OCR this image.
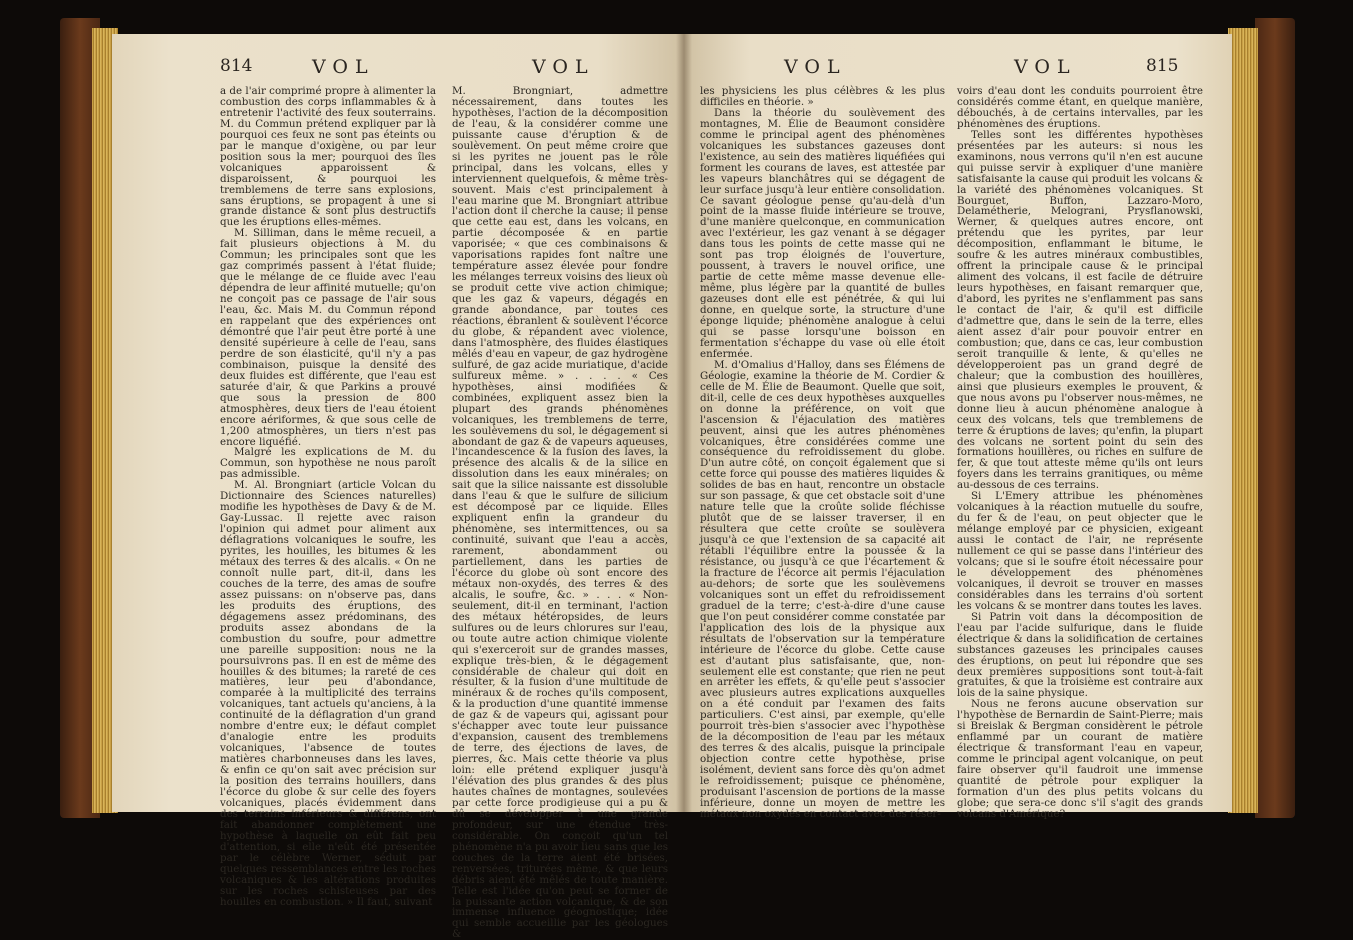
814	VOL	VOL

a de l'air comprimé propre à alimenter la combustion des corps inflammables & à entretenir l'activité des feux souterrains. M. du Commun prétend expliquer par là pourquoi ces feux ne sont pas éteints ou par le manque d'oxigène, ou par leur position sous la mer; pourquoi des îles volcaniques apparoissent & disparoissent, & pourquoi les tremblemens de terre sans explosions, sans éruptions, se propagent à une si grande distance & sont plus destructifs que les éruptions elles-mêmes.

M. Silliman, dans le même recueil, a fait plusieurs objections à M. du Commun; les principales sont que les gaz comprimés passent à l'état fluide; que le mélange de ce fluide avec l'eau dépendra de leur affinité mutuelle; qu'on ne conçoit pas ce passage de l'air sous l'eau, &c. Mais M. du Commun répond en rappelant que des expériences ont démontré que l'air peut être porté à une densité supérieure à celle de l'eau, sans perdre de son élasticité, qu'il n'y a pas combinaison, puisque la densité des deux fluides est différente, que l'eau est saturée d'air, & que Parkins a prouvé que sous la pression de 800 atmosphères, deux tiers de l'eau étoient encore aériformes, & que sous celle de 1,200 atmosphères, un tiers n'est pas encore liquéfié.

Malgré les explications de M. du Commun, son hypothèse ne nous paroît pas admissible.

M. Al. Brongniart (article Volcan du Dictionnaire des Sciences naturelles) modifie les hypothèses de Davy & de M. Gay-Lussac. Il rejette avec raison l'opinion qui admet pour aliment aux déflagrations volcaniques le soufre, les pyrites, les houilles, les bitumes & les métaux des terres & des alcalis. « On ne connoît nulle part, dit-il, dans les couches de la terre, des amas de soufre assez puissans: on n'observe pas, dans les produits des éruptions, des dégagemens assez prédominans, des produits assez abondans de la combustion du soufre, pour admettre une pareille supposition: nous ne la poursuivrons pas. Il en est de même des houilles & des bitumes; la rareté de ces matières, leur peu d'abondance, comparée à la multiplicité des terrains volcaniques, tant actuels qu'anciens, à la continuité de la déflagration d'un grand nombre d'entre eux; le défaut complet d'analogie entre les produits volcaniques, l'absence de toutes matières charbonneuses dans les laves, & enfin ce qu'on sait avec précision sur la position des terrains houillers, dans l'écorce du globe & sur celle des foyers volcaniques, placés évidemment dans des terrains inférieurs & différens, ont fait abandonner complètement une hypothèse à laquelle on eût fait peu d'attention, si elle n'eût été présentée par le célèbre Werner, séduit par quelques ressemblances entre les roches volcaniques & les altérations produites sur les roches schisteuses par des houilles en combustion. » Il faut, suivant

M. Brongniart, admettre nécessairement, dans toutes les hypothèses, l'action de la décomposition de l'eau, & la considérer comme une puissante cause d'éruption & de soulèvement. On peut même croire que si les pyrites ne jouent pas le rôle principal, dans les volcans, elles y interviennent quelquefois, & même très-souvent. Mais c'est principalement à l'eau marine que M. Brongniart attribue l'action dont il cherche la cause; il pense que cette eau est, dans les volcans, en partie décomposée & en partie vaporisée; « que ces combinaisons & vaporisations rapides font naître une température assez élevée pour fondre les mélanges terreux voisins des lieux où se produit cette vive action chimique; que les gaz & vapeurs, dégagés en grande abondance, par toutes ces réactions, ébranlent & soulèvent l'écorce du globe, & répandent avec violence, dans l'atmosphère, des fluides élastiques mêlés d'eau en vapeur, de gaz hydrogène sulfuré, de gaz acide muriatique, d'acide sulfureux même. » . . . . « Ces hypothèses, ainsi modifiées & combinées, expliquent assez bien la plupart des grands phénomènes volcaniques, les tremblemens de terre, les soulèvemens du sol, le dégagement si abondant de gaz & de vapeurs aqueuses, l'incandescence & la fusion des laves, la présence des alcalis & de la silice en dissolution dans les eaux minérales; on sait que la silice naissante est dissoluble dans l'eau & que le sulfure de silicium est décomposé par ce liquide. Elles expliquent enfin la grandeur du phénomène, ses intermittences, ou sa continuité, suivant que l'eau a accès, rarement, abondamment ou partiellement, dans les parties de l'écorce du globe où sont encore des métaux non-oxydés, des terres & des alcalis, le soufre, &c. » . . . « Non-seulement, dit-il en terminant, l'action des métaux hétéropsides, de leurs sulfures ou de leurs chlorures sur l'eau, ou toute autre action chimique violente qui s'exerceroit sur de grandes masses, explique très-bien, & le dégagement considérable de chaleur qui doit en résulter, & la fusion d'une multitude de minéraux & de roches qu'ils composent, & la production d'une quantité immense de gaz & de vapeurs qui, agissant pour s'échapper avec toute leur puissance d'expansion, causent des tremblemens de terre, des éjections de laves, de pierres, &c. Mais cette théorie va plus loin: elle prétend expliquer jusqu'à l'élévation des plus grandes & des plus hautes chaînes de montagnes, soulevées par cette force prodigieuse qui a pu & dû se développer à une grande profondeur, sur une étendue très-considérable. On conçoit qu'un tel phénomène n'a pu avoir lieu sans que les couches de la terre aient été brisées, renversées, triturées même, & que leurs débris aient été mêlés de toute manière. Telle est l'idée qu'on peut se former de la puissante action volcanique, & de son immense influence géognostique; idée qui semble accueillie par les géologues &

VOL	VOL	815

les physiciens les plus célèbres & les plus difficiles en théorie. »

Dans la théorie du soulèvement des montagnes, M. Élie de Beaumont considère comme le principal agent des phénomènes volcaniques les substances gazeuses dont l'existence, au sein des matières liquéfiées qui forment les courans de laves, est attestée par les vapeurs blanchâtres qui se dégagent de leur surface jusqu'à leur entière consolidation. Ce savant géologue pense qu'au-delà d'un point de la masse fluide intérieure se trouve, d'une manière quelconque, en communication avec l'extérieur, les gaz venant à se dégager dans tous les points de cette masse qui ne sont pas trop éloignés de l'ouverture, poussent, à travers le nouvel orifice, une partie de cette même masse devenue elle-même, plus légère par la quantité de bulles gazeuses dont elle est pénétrée, & qui lui donne, en quelque sorte, la structure d'une éponge liquide; phénomène analogue à celui qui se passe lorsqu'une boisson en fermentation s'échappe du vase où elle étoit enfermée.

M. d'Omalius d'Halloy, dans ses Élémens de Géologie, examine la théorie de M. Cordier & celle de M. Élie de Beaumont. Quelle que soit, dit-il, celle de ces deux hypothèses auxquelles on donne la préférence, on voit que l'ascension & l'éjaculation des matières peuvent, ainsi que les autres phénomènes volcaniques, être considérées comme une conséquence du refroidissement du globe. D'un autre côté, on conçoit également que si cette force qui pousse des matières liquides & solides de bas en haut, rencontre un obstacle sur son passage, & que cet obstacle soit d'une nature telle que la croûte solide fléchisse plutôt que de se laisser traverser, il en résultera que cette croûte se soulèvera jusqu'à ce que l'extension de sa capacité ait rétabli l'équilibre entre la poussée & la résistance, ou jusqu'à ce que l'écartement & la fracture de l'écorce ait permis l'éjaculation au-dehors; de sorte que les soulèvemens volcaniques sont un effet du refroidissement graduel de la terre; c'est-à-dire d'une cause que l'on peut considérer comme constatée par l'application des lois de la physique aux résultats de l'observation sur la température intérieure de l'écorce du globe. Cette cause est d'autant plus satisfaisante, que, non-seulement elle est constante; que rien ne peut en arrêter les effets, & qu'elle peut s'associer avec plusieurs autres explications auxquelles on a été conduit par l'examen des faits particuliers. C'est ainsi, par exemple, qu'elle pourroit très-bien s'associer avec l'hypothèse de la décomposition de l'eau par les métaux des terres & des alcalis, puisque la principale objection contre cette hypothèse, prise isolément, devient sans force dès qu'on admet le refroidissement; puisque ce phénomène, produisant l'ascension de portions de la masse inférieure, donne un moyen de mettre les métaux non oxydés en contact avec des réser-

voirs d'eau dont les conduits pourroient être considérés comme étant, en quelque manière, débouchés, à de certains intervalles, par les phénomènes des éruptions.

Telles sont les différentes hypothèses présentées par les auteurs: si nous les examinons, nous verrons qu'il n'en est aucune qui puisse servir à expliquer d'une manière satisfaisante la cause qui produit les volcans & la variété des phénomènes volcaniques. St Bourguet, Buffon, Lazzaro-Moro, Delamétherie, Melograni, Prysflanowski, Werner, & quelques autres encore, ont prétendu que les pyrites, par leur décomposition, enflammant le bitume, le soufre & les autres minéraux combustibles, offrent la principale cause & le principal aliment des volcans, il est facile de détruire leurs hypothèses, en faisant remarquer que, d'abord, les pyrites ne s'enflamment pas sans le contact de l'air, & qu'il est difficile d'admettre que, dans le sein de la terre, elles aient assez d'air pour pouvoir entrer en combustion; que, dans ce cas, leur combustion seroit tranquille & lente, & qu'elles ne développeroient pas un grand degré de chaleur; que la combustion des houillères, ainsi que plusieurs exemples le prouvent, & que nous avons pu l'observer nous-mêmes, ne donne lieu à aucun phénomène analogue à ceux des volcans, tels que tremblemens de terre & éruptions de laves; qu'enfin, la plupart des volcans ne sortent point du sein des formations houillères, ou riches en sulfure de fer, & que tout atteste même qu'ils ont leurs foyers dans les terrains granitiques, ou même au-dessous de ces terrains.

Si L'Emery attribue les phénomènes volcaniques à la réaction mutuelle du soufre, du fer & de l'eau, on peut objecter que le mélange employé par ce physicien, exigeant aussi le contact de l'air, ne représente nullement ce qui se passe dans l'intérieur des volcans; que si le soufre étoit nécessaire pour le développement des phénomènes volcaniques, il devroit se trouver en masses considérables dans les terrains d'où sortent les volcans & se montrer dans toutes les laves.

Si Patrin voit dans la décomposition de l'eau par l'acide sulfurique, dans le fluide électrique & dans la solidification de certaines substances gazeuses les principales causes des éruptions, on peut lui répondre que ses deux premières suppositions sont tout-à-fait gratuites, & que la troisième est contraire aux lois de la saine physique.

Nous ne ferons aucune observation sur l'hypothèse de Bernardin de Saint-Pierre; mais si Breislak & Bergman considèrent le pétrole enflammé par un courant de matière électrique & transformant l'eau en vapeur, comme le principal agent volcanique, on peut faire observer qu'il faudroit une immense quantité de pétrole pour expliquer la formation d'un des plus petits volcans du globe; que sera-ce donc s'il s'agit des grands volcans d'Amérique?
